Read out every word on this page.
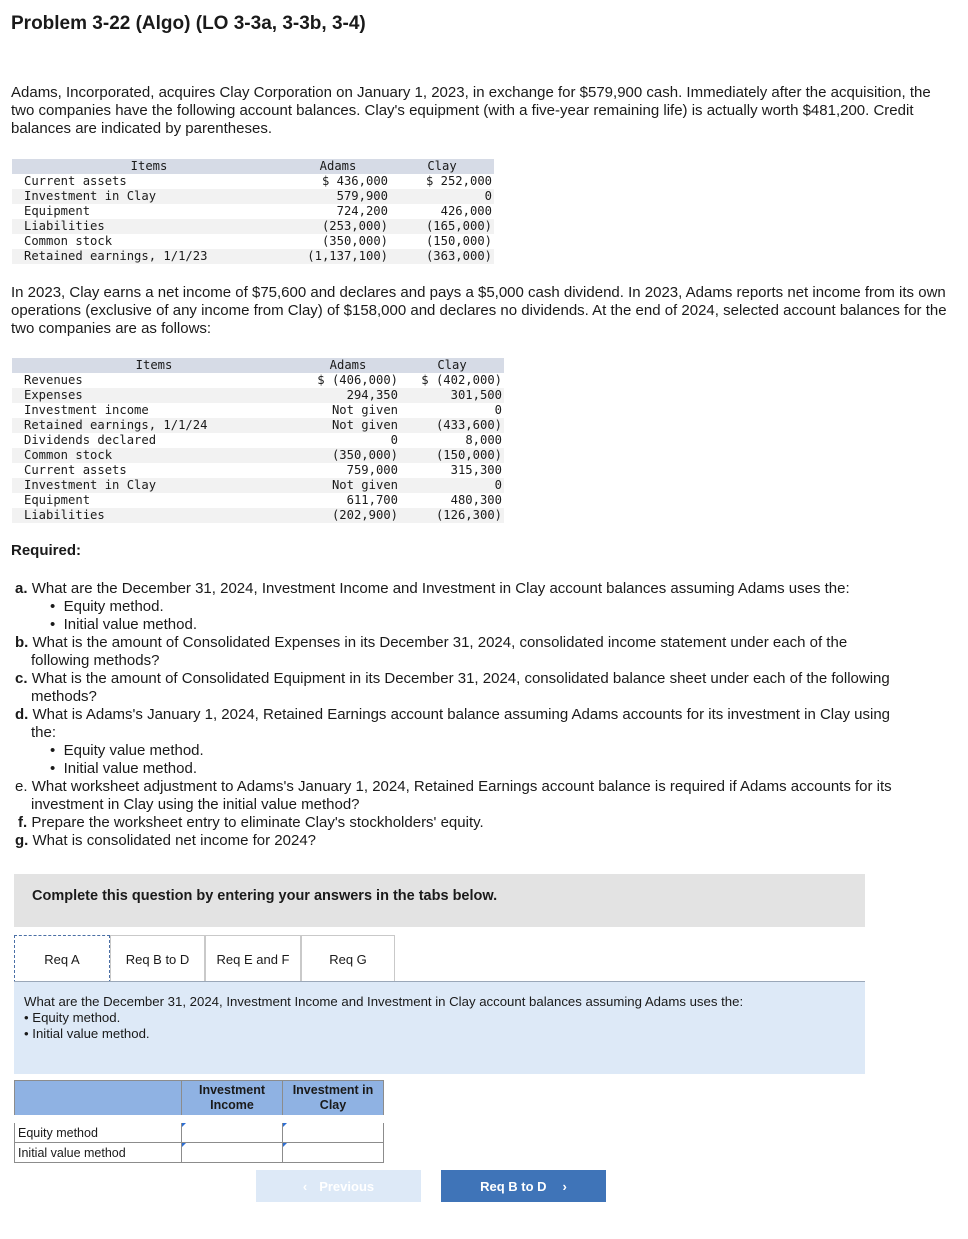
Problem 3-22 (Algo) (LO 3-3a, 3-3b, 3-4)
Adams, Incorporated, acquires Clay Corporation on January 1, 2023, in exchange for $579,900 cash. Immediately after the acquisition, the two companies have the following account balances. Clay's equipment (with a five-year remaining life) is actually worth $481,200. Credit balances are indicated by parentheses.
Items	Adams	Clay
Current assets	$ 436,000	$ 252,000
Investment in Clay	579,900	0
Equipment	724,200	426,000
Liabilities	(253,000)	(165,000)
Common stock	(350,000)	(150,000)
Retained earnings, 1/1/23	(1,137,100)	(363,000)
In 2023, Clay earns a net income of $75,600 and declares and pays a $5,000 cash dividend. In 2023, Adams reports net income from its own operations (exclusive of any income from Clay) of $158,000 and declares no dividends. At the end of 2024, selected account balances for the two companies are as follows:
Items	Adams	Clay
Revenues	$ (406,000)	$ (402,000)
Expenses	294,350	301,500
Investment income	Not given	0
Retained earnings, 1/1/24	Not given	(433,600)
Dividends declared	0	8,000
Common stock	(350,000)	(150,000)
Current assets	759,000	315,300
Investment in Clay	Not given	0
Equipment	611,700	480,300
Liabilities	(202,900)	(126,300)
Required:
a. What are the December 31, 2024, Investment Income and Investment in Clay account balances assuming Adams uses the:
•  Equity method.
•  Initial value method.
b. What is the amount of Consolidated Expenses in its December 31, 2024, consolidated income statement under each of the
following methods?
c. What is the amount of Consolidated Equipment in its December 31, 2024, consolidated balance sheet under each of the following
methods?
d. What is Adams's January 1, 2024, Retained Earnings account balance assuming Adams accounts for its investment in Clay using
the:
•  Equity value method.
•  Initial value method.
e. What worksheet adjustment to Adams's January 1, 2024, Retained Earnings account balance is required if Adams accounts for its
investment in Clay using the initial value method?
f. Prepare the worksheet entry to eliminate Clay's stockholders' equity.
g. What is consolidated net income for 2024?
Complete this question by entering your answers in the tabs below.
Req A	Req B to D	Req E and F	Req G
What are the December 31, 2024, Investment Income and Investment in Clay account balances assuming Adams uses the:
• Equity method.
• Initial value method.
	Investment Income	Investment in Clay
Equity method	

Initial value method	

‹ Previous	Req B to D ›
